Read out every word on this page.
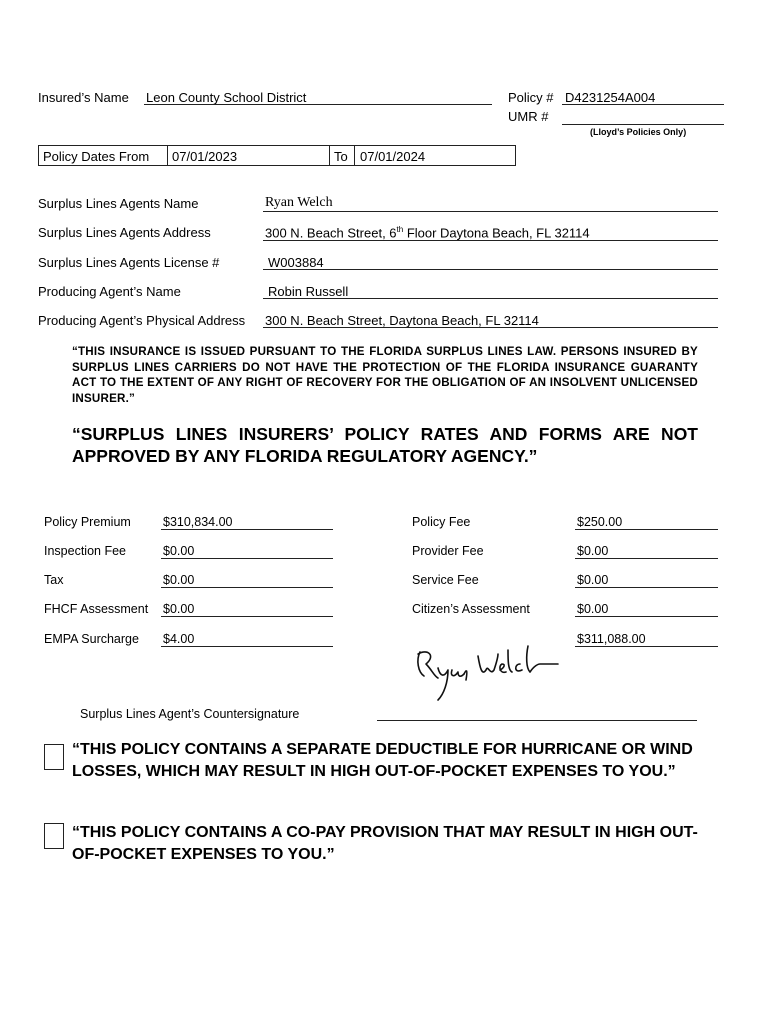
Insured’s Name Leon County School District	Policy # D4231254A004
UMR #
(Lloyd’s Policies Only)
Policy Dates From 07/01/2023	To 07/01/2024
Surplus Lines Agents Name	Ryan Welch
Surplus Lines Agents Address	300 N. Beach Street, 6th Floor Daytona Beach, FL 32114
Surplus Lines Agents License #	W003884
Producing Agent’s Name	Robin Russell
Producing Agent’s Physical Address 300 N. Beach Street, Daytona Beach, FL 32114
“THIS INSURANCE IS ISSUED PURSUANT TO THE FLORIDA SURPLUS LINES LAW. PERSONS INSURED BY SURPLUS LINES CARRIERS DO NOT HAVE THE PROTECTION OF THE FLORIDA INSURANCE GUARANTY ACT TO THE EXTENT OF ANY RIGHT OF RECOVERY FOR THE OBLIGATION OF AN INSOLVENT UNLICENSED INSURER.”
“SURPLUS LINES INSURERS’ POLICY RATES AND FORMS ARE NOT APPROVED BY ANY FLORIDA REGULATORY AGENCY.”
Policy Premium	$310,834.00
Inspection Fee	$0.00
Tax	$0.00
FHCF Assessment $0.00
EMPA Surcharge $4.00
Policy Fee	$250.00
Provider Fee	$0.00
Service Fee	$0.00
Citizen’s Assessment	$0.00
$311,088.00
Surplus Lines Agent’s Countersignature
“THIS POLICY CONTAINS A SEPARATE DEDUCTIBLE FOR HURRICANE OR WIND LOSSES, WHICH MAY RESULT IN HIGH OUT-OF-POCKET EXPENSES TO YOU.”
“THIS POLICY CONTAINS A CO-PAY PROVISION THAT MAY RESULT IN HIGH OUT-OF-POCKET EXPENSES TO YOU.”
